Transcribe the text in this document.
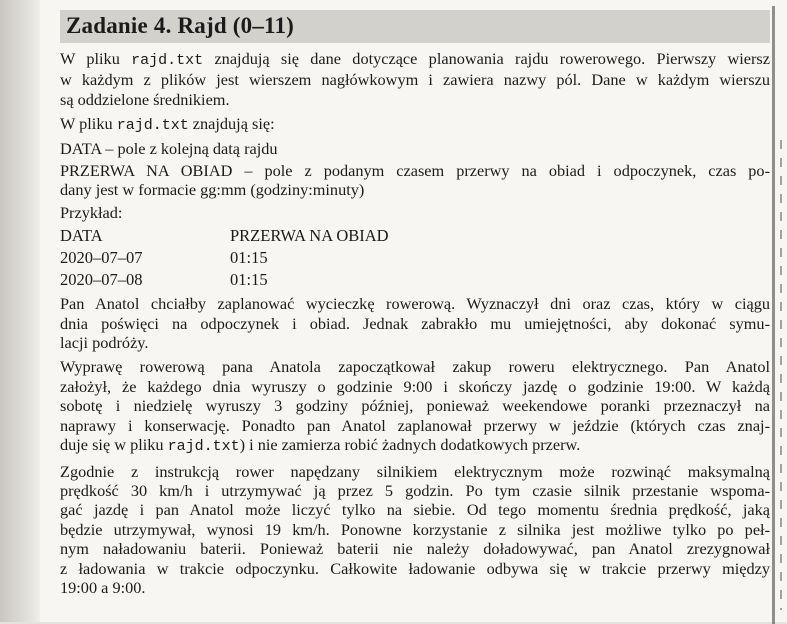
Zadanie 4. Rajd (0–11)
W pliku rajd.txt znajdują się dane dotyczące planowania rajdu rowerowego. Pierwszy wiersz
w każdym z plików jest wierszem nagłówkowym i zawiera nazwy pól. Dane w każdym wierszu
są oddzielone średnikiem.
W pliku rajd.txt znajdują się:
DATA – pole z kolejną datą rajdu
PRZERWA NA OBIAD – pole z podanym czasem przerwy na obiad i odpoczynek, czas po-
dany jest w formacie gg:mm (godziny:minuty)
Przykład:
DATA	PRZERWA NA OBIAD
2020–07–07	01:15
2020–07–08	01:15
Pan Anatol chciałby zaplanować wycieczkę rowerową. Wyznaczył dni oraz czas, który w ciągu
dnia poświęci na odpoczynek i obiad. Jednak zabrakło mu umiejętności, aby dokonać symu-
lacji podróży.
Wyprawę rowerową pana Anatola zapoczątkował zakup roweru elektrycznego. Pan Anatol
założył, że każdego dnia wyruszy o godzinie 9:00 i skończy jazdę o godzinie 19:00. W każdą
sobotę i niedzielę wyruszy 3 godziny później, ponieważ weekendowe poranki przeznaczył na
naprawy i konserwację. Ponadto pan Anatol zaplanował przerwy w jeździe (których czas znaj-
duje się w pliku rajd.txt) i nie zamierza robić żadnych dodatkowych przerw.
Zgodnie z instrukcją rower napędzany silnikiem elektrycznym może rozwinąć maksymalną
prędkość 30 km/h i utrzymywać ją przez 5 godzin. Po tym czasie silnik przestanie wspoma-
gać jazdę i pan Anatol może liczyć tylko na siebie. Od tego momentu średnia prędkość, jaką
będzie utrzymywał, wynosi 19 km/h. Ponowne korzystanie z silnika jest możliwe tylko po peł-
nym naładowaniu baterii. Ponieważ baterii nie należy doładowywać, pan Anatol zrezygnował
z ładowania w trakcie odpoczynku. Całkowite ładowanie odbywa się w trakcie przerwy między
19:00 a 9:00.
